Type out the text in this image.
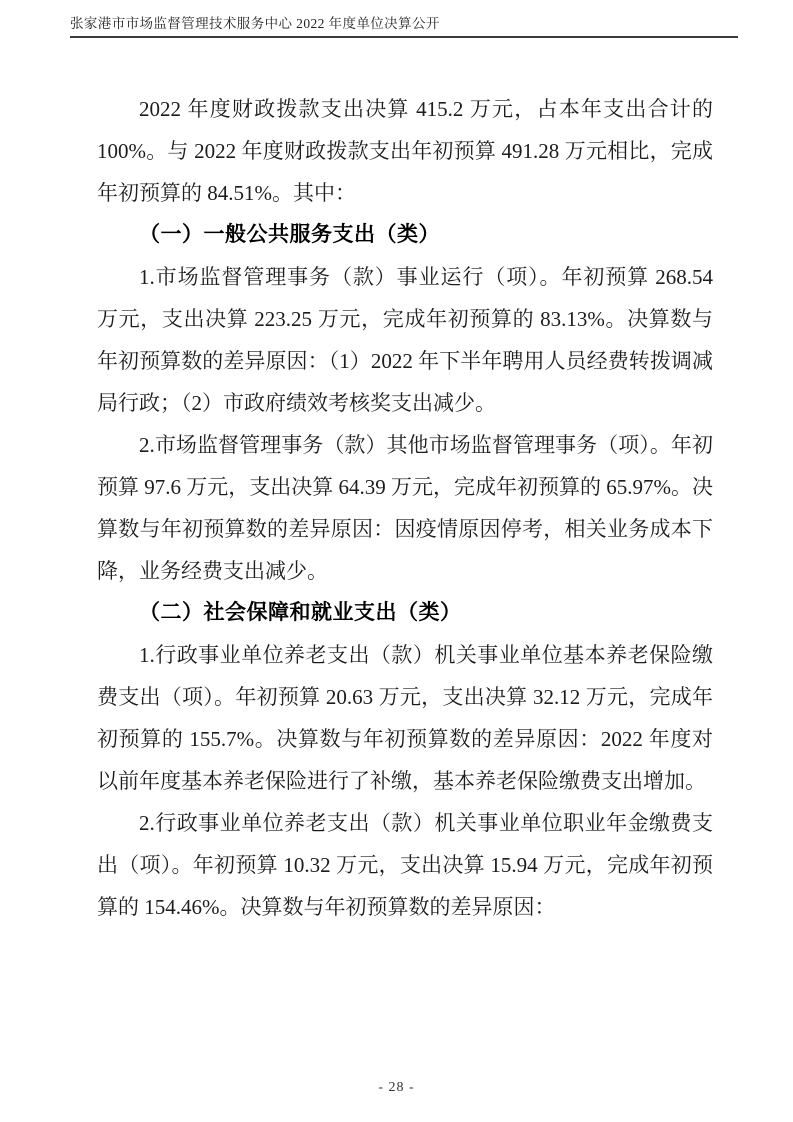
张家港市市场监督管理技术服务中心 2022 年度单位决算公开

2022 年度财政拨款支出决算 415.2 万元，占本年支出合计的 100%。与 2022 年度财政拨款支出年初预算 491.28 万元相比，完成年初预算的 84.51%。其中：

（一）一般公共服务支出（类）

1.市场监督管理事务（款）事业运行（项）。年初预算 268.54 万元，支出决算 223.25 万元，完成年初预算的 83.13%。决算数与年初预算数的差异原因：（1）2022 年下半年聘用人员经费转拨调减局行政；（2）市政府绩效考核奖支出减少。

2.市场监督管理事务（款）其他市场监督管理事务（项）。年初预算 97.6 万元，支出决算 64.39 万元，完成年初预算的 65.97%。决算数与年初预算数的差异原因：因疫情原因停考，相关业务成本下降，业务经费支出减少。

（二）社会保障和就业支出（类）

1.行政事业单位养老支出（款）机关事业单位基本养老保险缴费支出（项）。年初预算 20.63 万元，支出决算 32.12 万元，完成年初预算的 155.7%。决算数与年初预算数的差异原因：2022 年度对以前年度基本养老保险进行了补缴，基本养老保险缴费支出增加。

2.行政事业单位养老支出（款）机关事业单位职业年金缴费支出（项）。年初预算 10.32 万元，支出决算 15.94 万元，完成年初预算的 154.46%。决算数与年初预算数的差异原因：

- 28 -
